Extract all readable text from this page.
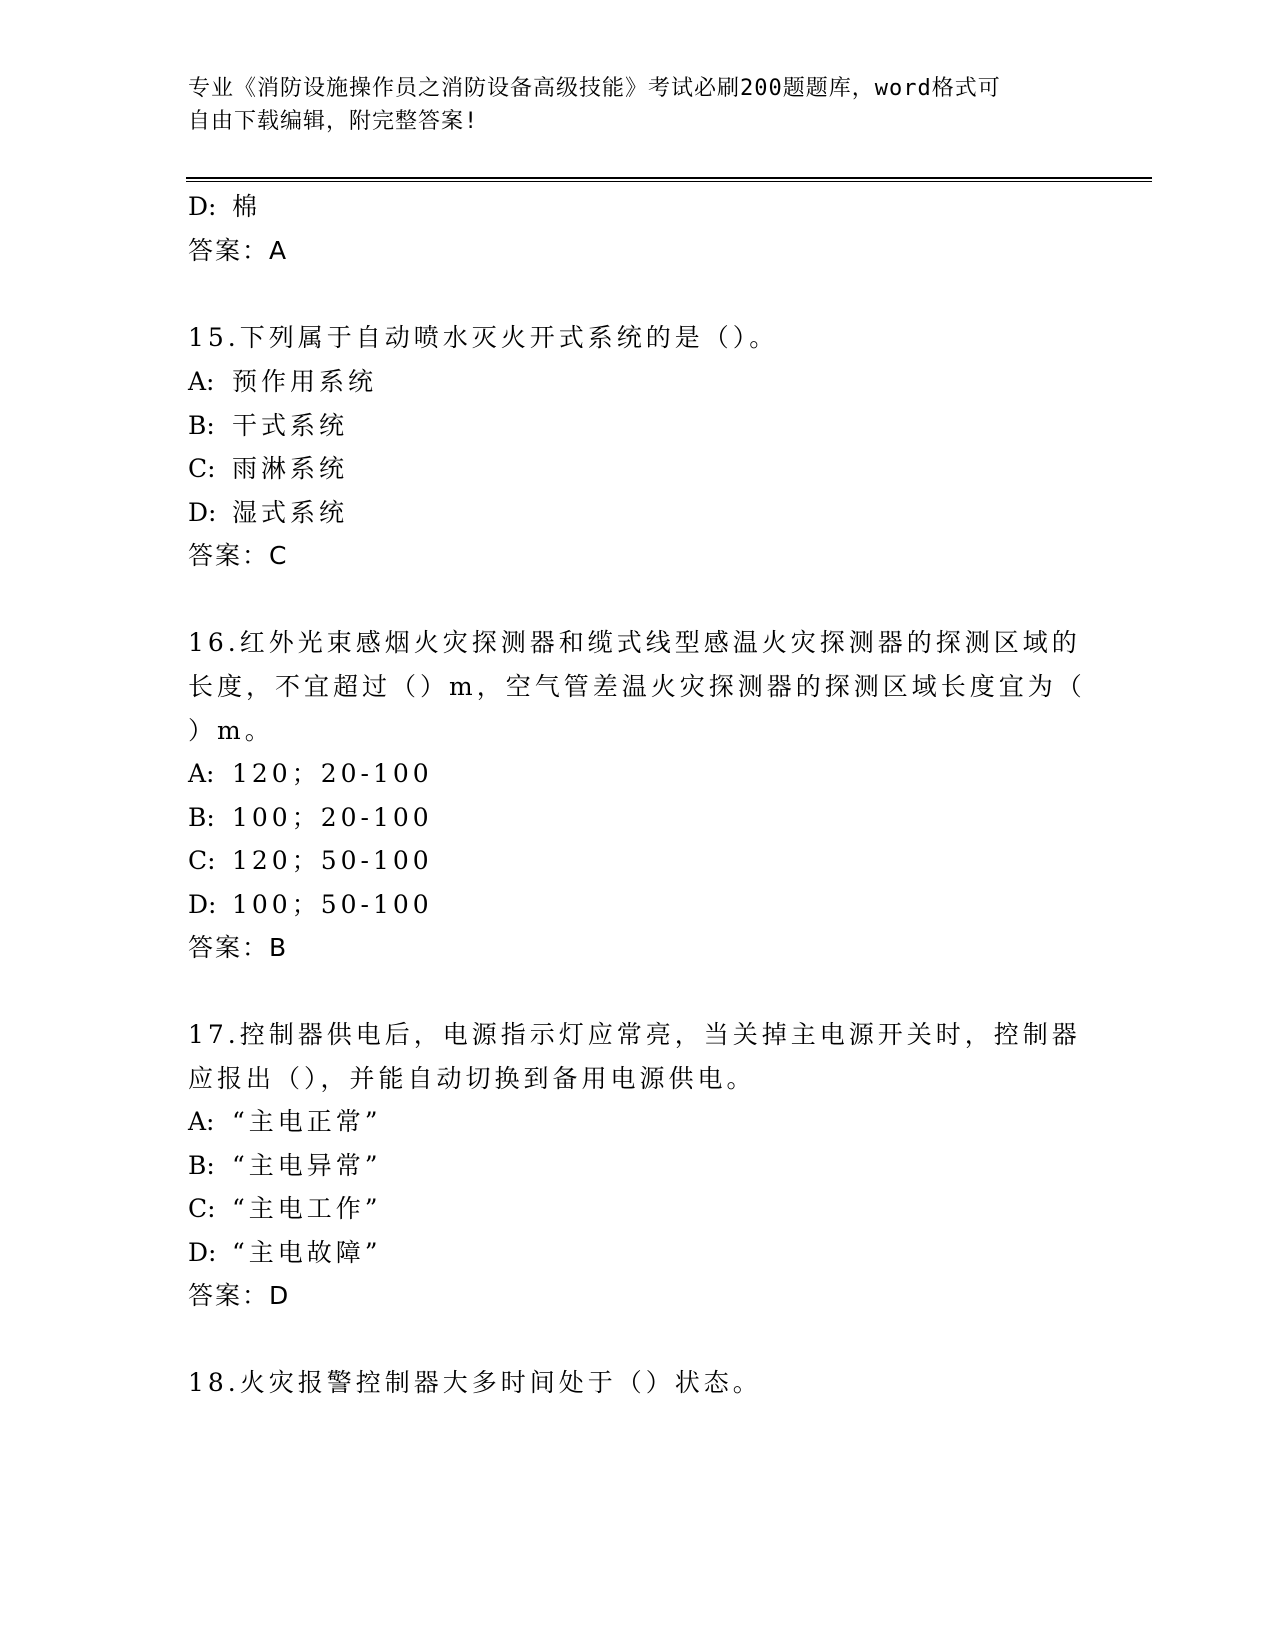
专业《消防设施操作员之消防设备高级技能》考试必刷200题题库，word格式可
自由下载编辑，附完整答案!
D: 棉
答案：A
15.下列属于自动喷水灭火开式系统的是（）。
A: 预作用系统
B: 干式系统
C: 雨淋系统
D: 湿式系统
答案：C
16.红外光束感烟火灾探测器和缆式线型感温火灾探测器的探测区域的
长度，不宜超过（）m，空气管差温火灾探测器的探测区域长度宜为（
）m。
A: 120；20-100
B: 100；20-100
C: 120；50-100
D: 100；50-100
答案：B
17.控制器供电后，电源指示灯应常亮，当关掉主电源开关时，控制器
应报出（），并能自动切换到备用电源供电。
A: “主电正常”
B: “主电异常”
C: “主电工作”
D: “主电故障”
答案：D
18.火灾报警控制器大多时间处于（）状态。
